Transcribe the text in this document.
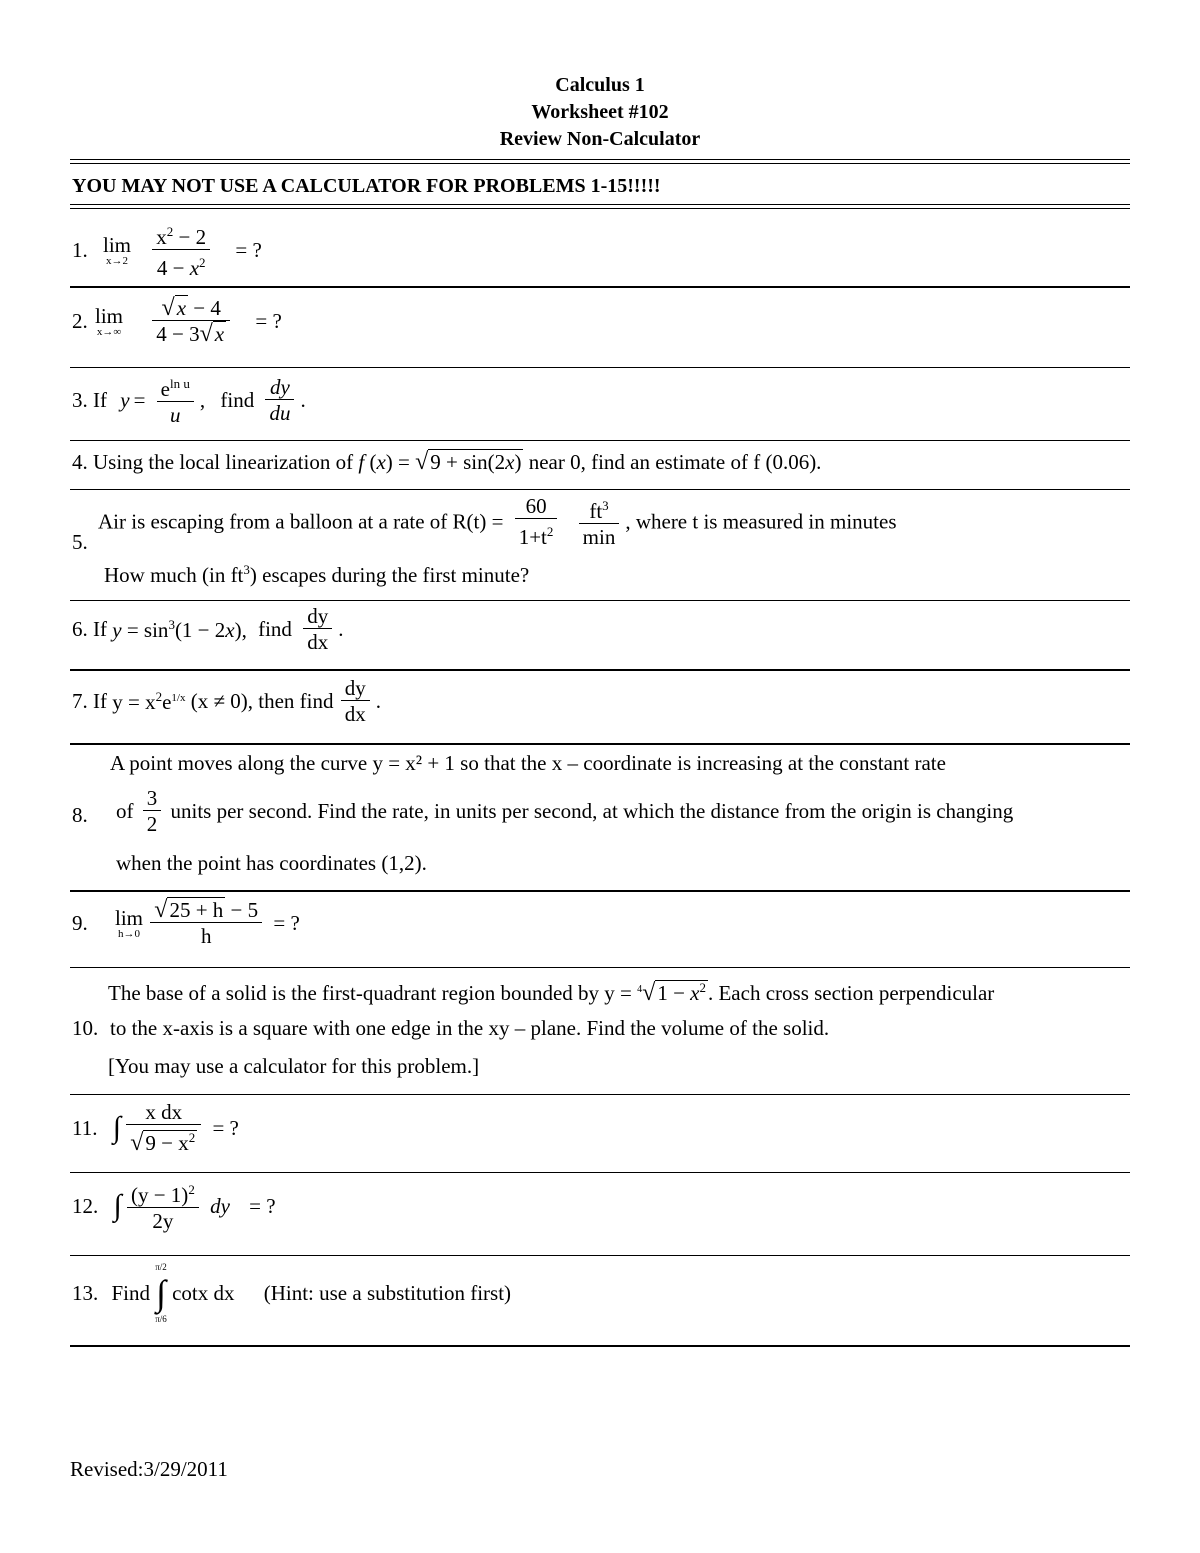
Calculus 1
Worksheet #102
Review Non-Calculator
YOU MAY NOT USE A CALCULATOR FOR PROBLEMS 1-15!!!!!
1. lim
x→2
$\frac{x^2 - 2}{4 - x^2}$ = ?
2. lim
x→∞
$\frac{√x - 4}{4 - 3√x}$ = ?
3. If $y = \frac{e^{ln u}}{u}$ , find $\frac{dy}{du}$ .
4. Using the local linearization of f (x) = √9 + sin(2x) near 0, find an estimate of f (0.06).
5.
Air is escaping from a balloon at a rate of $R(t) = \frac{60}{1+t^2}$
$\frac{ft^3}{\min}$ , where t is measured in minutes
How much (in $ft^3$) escapes during the first minute?
6. If $y = \sin^3(1 - 2x)$, find $\frac{dy}{dx}$ .
7. If $y = x^2e^{1/x}$ (x ≠ 0), then find $\frac{dy}{dx}$ .
A point moves along the curve y = x² + 1 so that the x – coordinate is increasing at the constant rate
8. of $\frac{3}{2}$ units per second. Find the rate, in units per second, at which the distance from the origin is changing
when the point has coordinates (1,2).
9. lim
h→0
$\frac{√25 + h - 5}{h}$ = ?
The base of a solid is the first-quadrant region bounded by $y = ^4√1 - x^2$. Each cross section perpendicular
10. to the x-axis is a square with one edge in the xy – plane. Find the volume of the solid.
[You may use a calculator for this problem.]
11. ∫ $\frac{\text{x dx}}{√9 - x^2}$ = ?
12. ∫ $\frac{(y - 1)^2}{2y}$ dy = ?
13. Find
π/2
∫
π/6
cotx dx (Hint: use a substitution first)
Revised:3/29/2011
